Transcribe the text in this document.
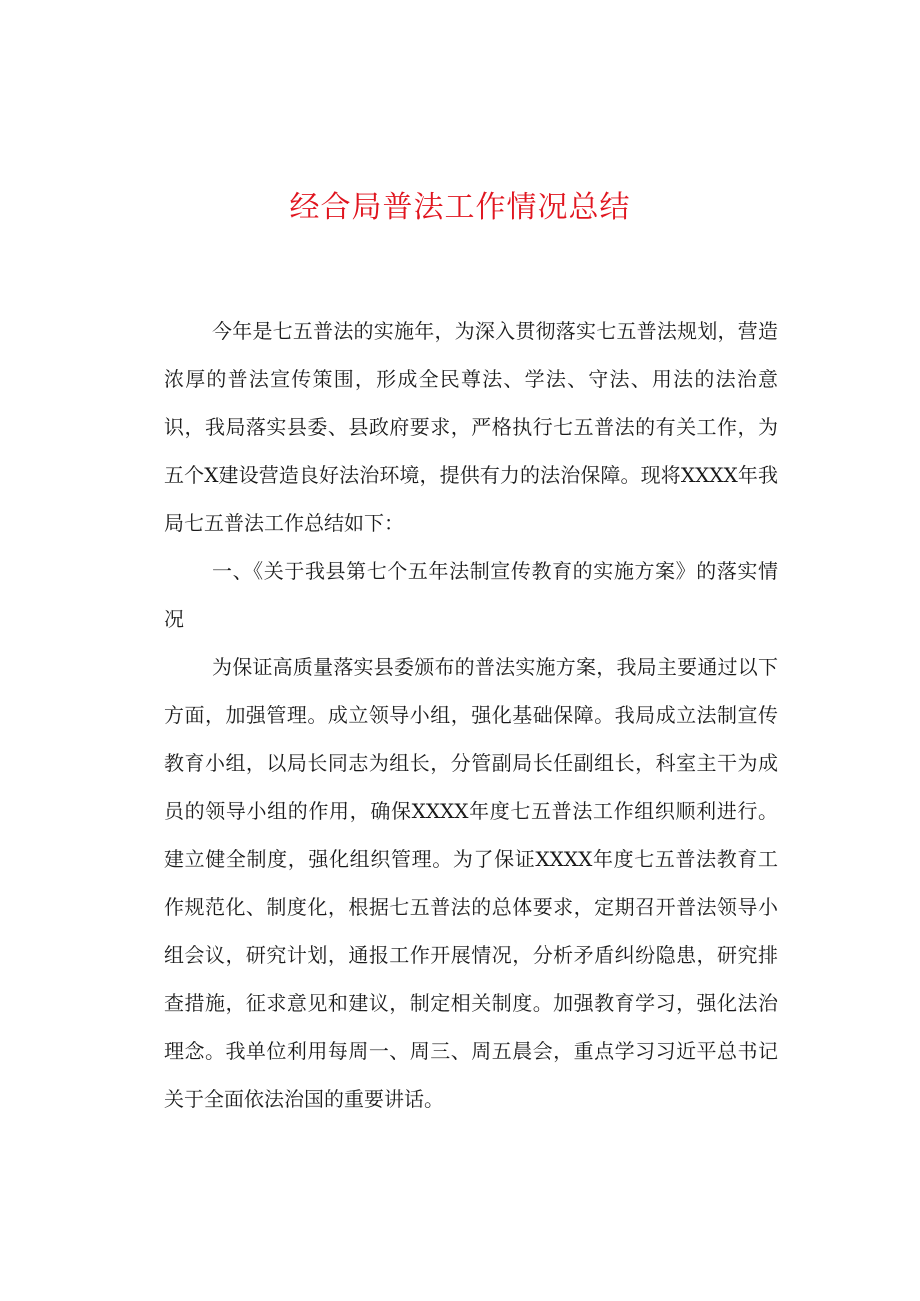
经合局普法工作情况总结

今年是七五普法的实施年，为深入贯彻落实七五普法规划，营造浓厚的普法宣传策围，形成全民尊法、学法、守法、用法的法治意识，我局落实县委、县政府要求，严格执行七五普法的有关工作，为五个X建设营造良好法治环境，提供有力的法治保障。现将XXXX年我局七五普法工作总结如下：

一、《关于我县第七个五年法制宣传教育的实施方案》的落实情况

为保证高质量落实县委颁布的普法实施方案，我局主要通过以下方面，加强管理。成立领导小组，强化基础保障。我局成立法制宣传教育小组，以局长同志为组长，分管副局长任副组长，科室主干为成员的领导小组的作用，确保XXXX年度七五普法工作组织顺利进行。建立健全制度，强化组织管理。为了保证XXXX年度七五普法教育工作规范化、制度化，根据七五普法的总体要求，定期召开普法领导小组会议，研究计划，通报工作开展情况，分析矛盾纠纷隐患，研究排查措施，征求意见和建议，制定相关制度。加强教育学习，强化法治理念。我单位利用每周一、周三、周五晨会，重点学习习近平总书记关于全面依法治国的重要讲话。
